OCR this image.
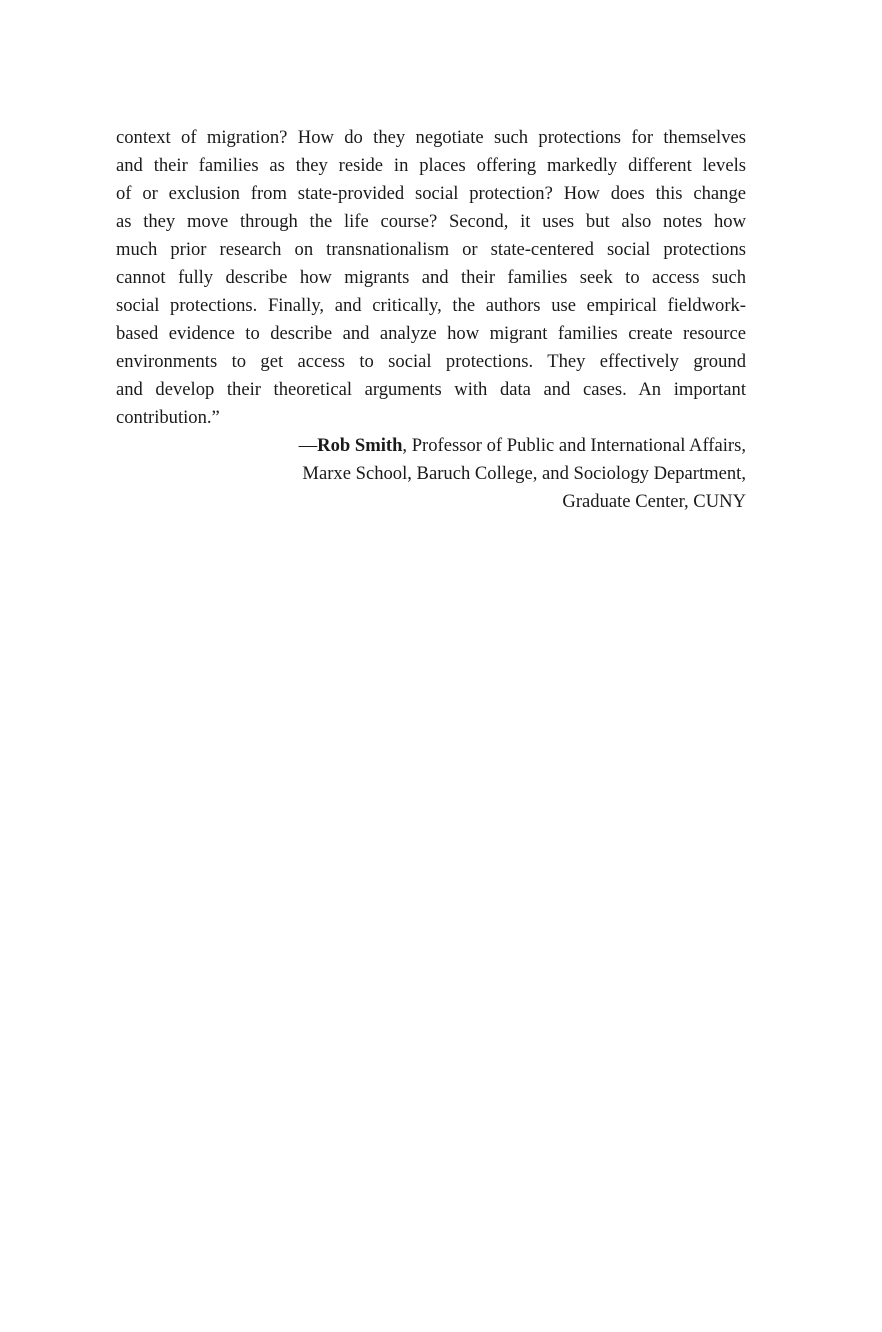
context of migration? How do they negotiate such protections for themselves
and their families as they reside in places offering markedly different levels
of or exclusion from state-provided social protection? How does this change
as they move through the life course? Second, it uses but also notes how
much prior research on transnationalism or state-centered social protections
cannot fully describe how migrants and their families seek to access such
social protections. Finally, and critically, the authors use empirical fieldwork-
based evidence to describe and analyze how migrant families create resource
environments to get access to social protections. They effectively ground
and develop their theoretical arguments with data and cases. An important
contribution.”
—Rob Smith, Professor of Public and International Affairs,
Marxe School, Baruch College, and Sociology Department,
Graduate Center, CUNY
